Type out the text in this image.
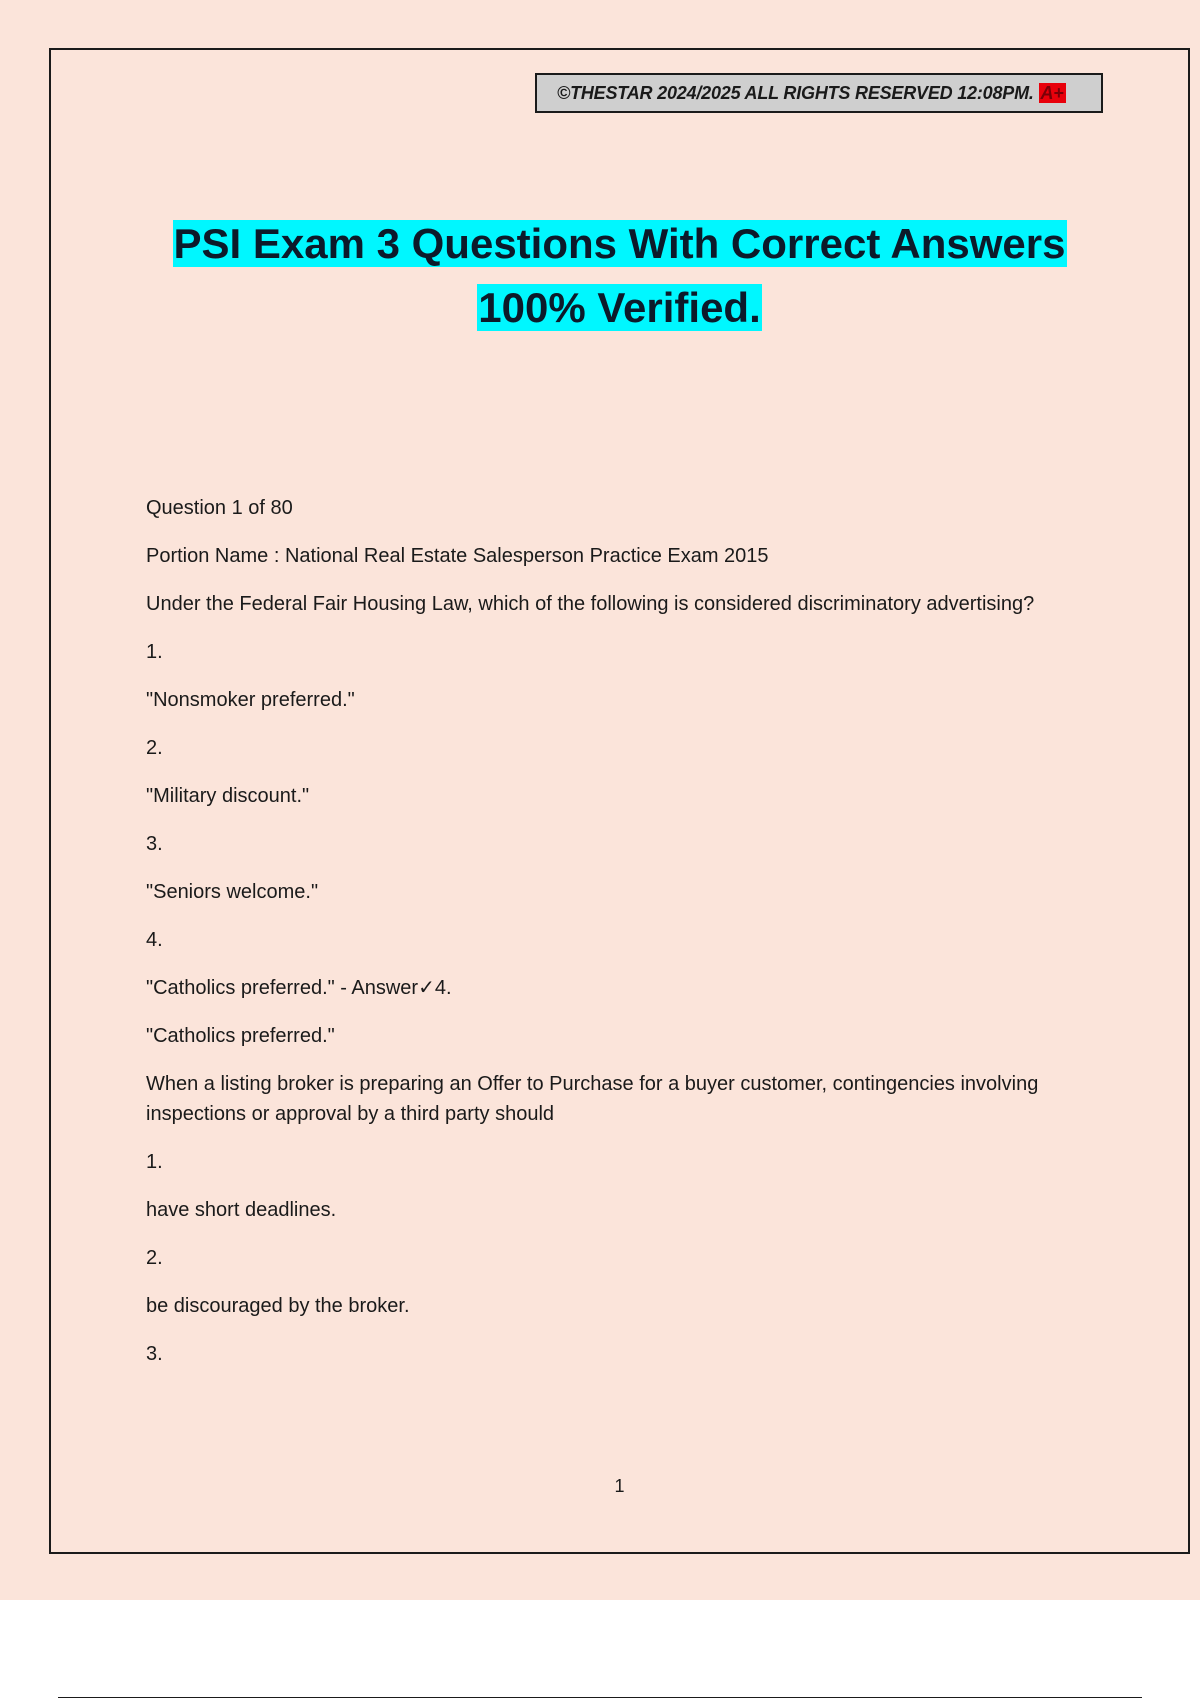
©THESTAR 2024/2025 ALL RIGHTS RESERVED 12:08PM. A+
PSI Exam 3 Questions With Correct Answers
100% Verified.

Question 1 of 80

Portion Name : National Real Estate Salesperson Practice Exam 2015

Under the Federal Fair Housing Law, which of the following is considered discriminatory advertising?

1.

"Nonsmoker preferred."

2.

"Military discount."

3.

"Seniors welcome."

4.

"Catholics preferred." - Answer✓4.

"Catholics preferred."

When a listing broker is preparing an Offer to Purchase for a buyer customer, contingencies involving inspections or approval by a third party should

1.

have short deadlines.

2.

be discouraged by the broker.

3.

1
